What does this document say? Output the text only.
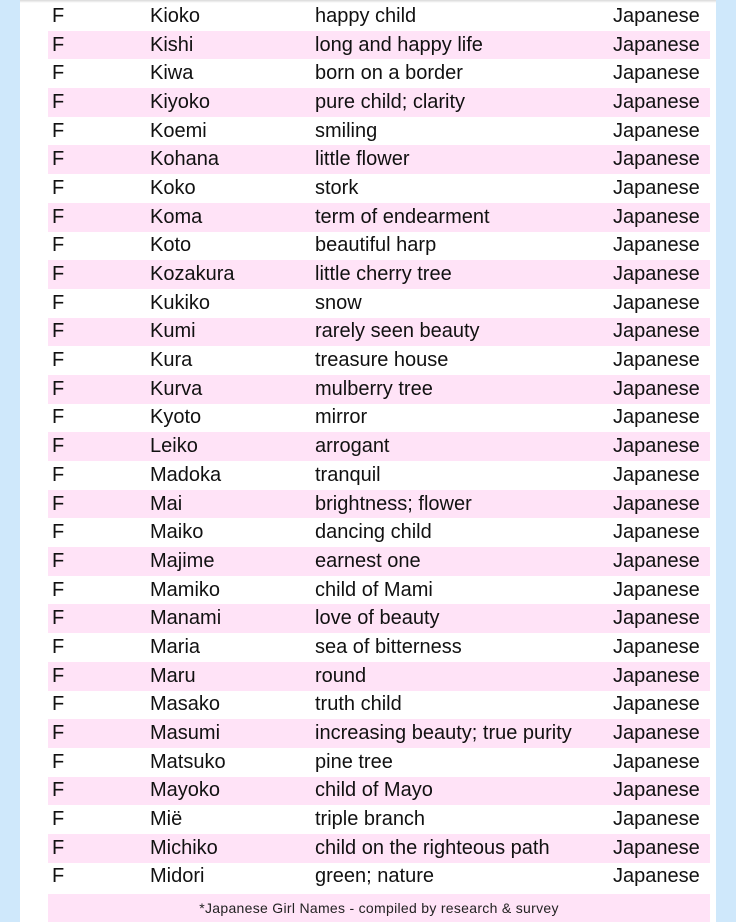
F	Kioko	happy child	Japanese
F	Kishi	long and happy life	Japanese
F	Kiwa	born on a border	Japanese
F	Kiyoko	pure child; clarity	Japanese
F	Koemi	smiling	Japanese
F	Kohana	little flower	Japanese
F	Koko	stork	Japanese
F	Koma	term of endearment	Japanese
F	Koto	beautiful harp	Japanese
F	Kozakura	little cherry tree	Japanese
F	Kukiko	snow	Japanese
F	Kumi	rarely seen beauty	Japanese
F	Kura	treasure house	Japanese
F	Kurva	mulberry tree	Japanese
F	Kyoto	mirror	Japanese
F	Leiko	arrogant	Japanese
F	Madoka	tranquil	Japanese
F	Mai	brightness; flower	Japanese
F	Maiko	dancing child	Japanese
F	Majime	earnest one	Japanese
F	Mamiko	child of Mami	Japanese
F	Manami	love of beauty	Japanese
F	Maria	sea of bitterness	Japanese
F	Maru	round	Japanese
F	Masako	truth child	Japanese
F	Masumi	increasing beauty; true purity	Japanese
F	Matsuko	pine tree	Japanese
F	Mayoko	child of Mayo	Japanese
F	Miё	triple branch	Japanese
F	Michiko	child on the righteous path	Japanese
F	Midori	green; nature	Japanese
*Japanese Girl Names - compiled by research & survey
